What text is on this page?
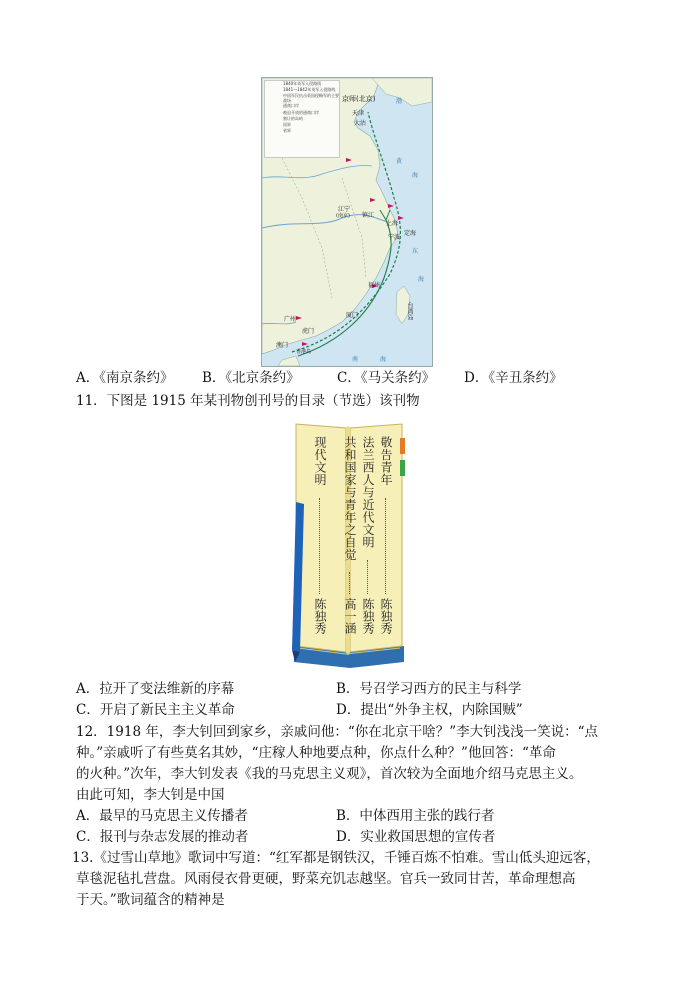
1840年英军入侵路线
1841—1842年英军入侵路线
中国军民抗击英国侵略军的主要战场
通商口岸
被迫开放的通商口岸
割让的岛屿
国界
省界
京师(北京)
天津
大沽
江宁
(南京) 镇江
上海
定海
宁波
福州
厦门	台湾岛
广州
虎门
澳门
香港岛
渤
黄
海
东
海
南	海
A．《南京条约》 B．《北京条约》	C．《马关条约》 D．《辛丑条约》
11．下图是 1915 年某刊物创刊号的目录（节选）该刊物
敬告青年
陈独秀
法兰西人与近代文明
陈独秀
共和国家与青年之自觉
高一涵
现代文明
陈独秀
A．拉开了变法维新的序幕	B．号召学习西方的民主与科学
C．开启了新民主主义革命	D．提出“外争主权，内除国贼”
12．1918 年，李大钊回到家乡，亲戚问他：“你在北京干啥？”李大钊浅浅一笑说：“点
种。”亲戚听了有些莫名其妙，“庄稼人种地要点种，你点什么种？”他回答：“革命
的火种。”次年，李大钊发表《我的马克思主义观》，首次较为全面地介绍马克思主义。
由此可知，李大钊是中国
A．最早的马克思主义传播者	B．中体西用主张的践行者
C．报刊与杂志发展的推动者	D．实业救国思想的宣传者
13.《过雪山草地》歌词中写道：“红军都是钢铁汉，千锤百炼不怕难。雪山低头迎远客，
草毯泥毡扎营盘。风雨侵衣骨更硬，野菜充饥志越坚。官兵一致同甘苦，革命理想高
于天。”歌词蕴含的精神是
